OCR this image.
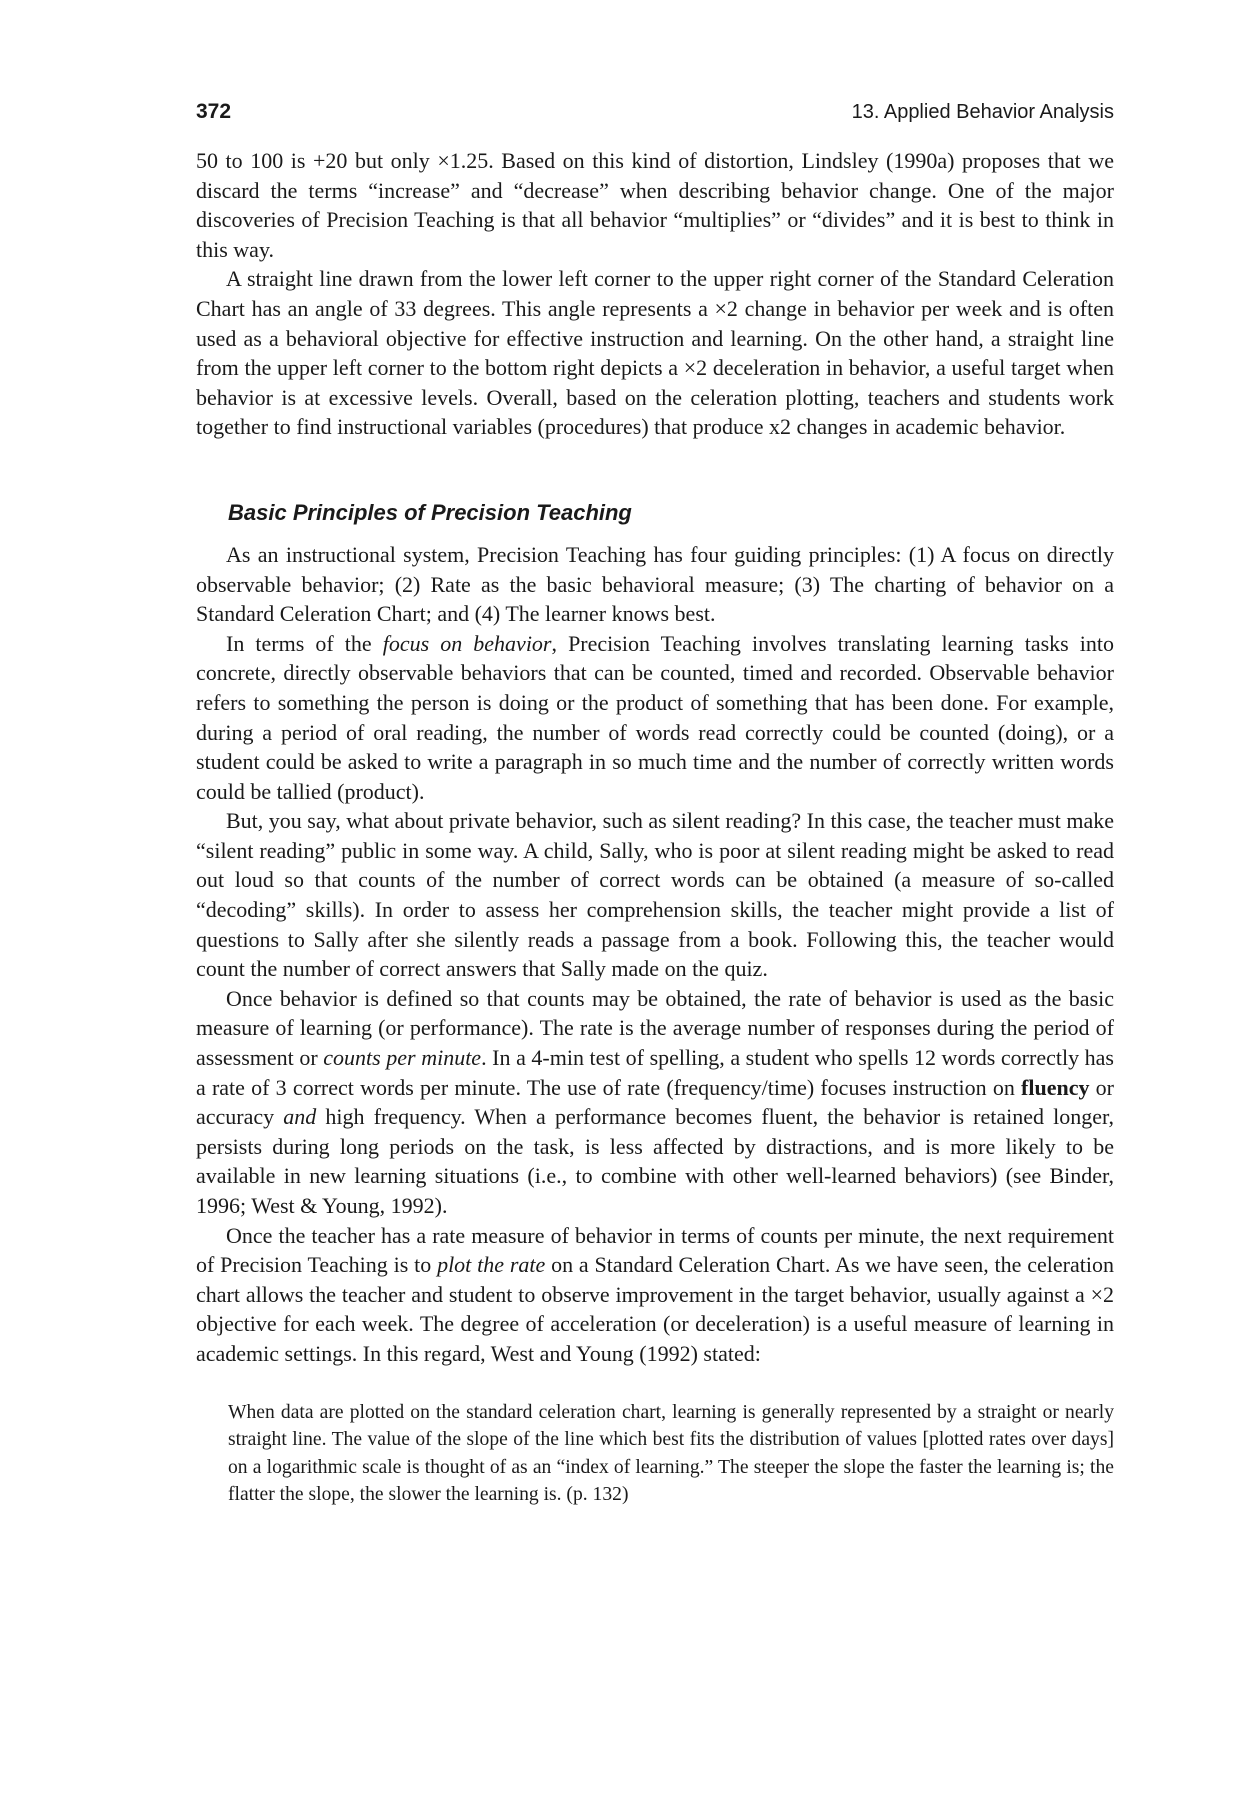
372	13. Applied Behavior Analysis

50 to 100 is +20 but only ×1.25. Based on this kind of distortion, Lindsley (1990a) proposes that we discard the terms “increase” and “decrease” when describing behavior change. One of the major discoveries of Precision Teaching is that all behavior “multiplies” or “divides” and it is best to think in this way.

A straight line drawn from the lower left corner to the upper right corner of the Standard Celeration Chart has an angle of 33 degrees. This angle represents a ×2 change in behavior per week and is often used as a behavioral objective for effective instruction and learning. On the other hand, a straight line from the upper left corner to the bottom right depicts a ×2 deceleration in behavior, a useful target when behavior is at excessive levels. Overall, based on the celeration plotting, teachers and students work together to find instructional variables (procedures) that produce x2 changes in academic behavior.

Basic Principles of Precision Teaching

As an instructional system, Precision Teaching has four guiding principles: (1) A focus on directly observable behavior; (2) Rate as the basic behavioral measure; (3) The charting of behavior on a Standard Celeration Chart; and (4) The learner knows best.

In terms of the focus on behavior, Precision Teaching involves translating learning tasks into concrete, directly observable behaviors that can be counted, timed and recorded. Observable behavior refers to something the person is doing or the product of something that has been done. For example, during a period of oral reading, the number of words read correctly could be counted (doing), or a student could be asked to write a paragraph in so much time and the number of correctly written words could be tallied (product).

But, you say, what about private behavior, such as silent reading? In this case, the teacher must make “silent reading” public in some way. A child, Sally, who is poor at silent reading might be asked to read out loud so that counts of the number of correct words can be obtained (a measure of so-called “decoding” skills). In order to assess her comprehension skills, the teacher might provide a list of questions to Sally after she silently reads a passage from a book. Following this, the teacher would count the number of correct answers that Sally made on the quiz.

Once behavior is defined so that counts may be obtained, the rate of behavior is used as the basic measure of learning (or performance). The rate is the average number of responses during the period of assessment or counts per minute. In a 4-min test of spelling, a student who spells 12 words correctly has a rate of 3 correct words per minute. The use of rate (frequency/time) focuses instruction on fluency or accuracy and high frequency. When a performance becomes fluent, the behavior is retained longer, persists during long periods on the task, is less affected by distractions, and is more likely to be available in new learning situations (i.e., to combine with other well-learned behaviors) (see Binder, 1996; West & Young, 1992).

Once the teacher has a rate measure of behavior in terms of counts per minute, the next requirement of Precision Teaching is to plot the rate on a Standard Celeration Chart. As we have seen, the celeration chart allows the teacher and student to observe improvement in the target behavior, usually against a ×2 objective for each week. The degree of acceleration (or deceleration) is a useful measure of learning in academic settings. In this regard, West and Young (1992) stated:

When data are plotted on the standard celeration chart, learning is generally represented by a straight or nearly straight line. The value of the slope of the line which best fits the distribution of values [plotted rates over days] on a logarithmic scale is thought of as an “index of learning.” The steeper the slope the faster the learning is; the flatter the slope, the slower the learning is. (p. 132)
